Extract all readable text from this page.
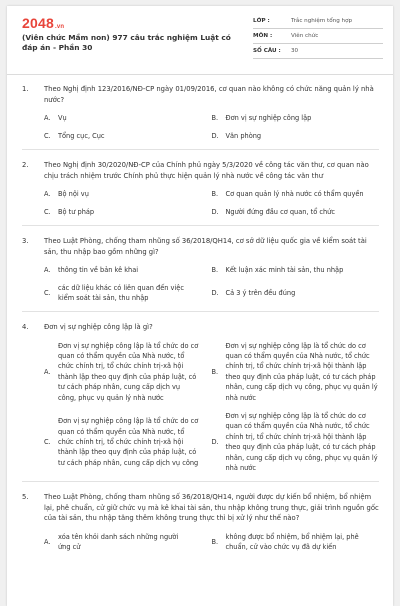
2048.vn
(Viên chức Mầm non) 977 câu trắc nghiệm Luật có đáp án - Phần 30
LỚP :	Trắc nghiệm tổng hợp
MÔN :	Viên chức
SỐ CÂU : 30
1. Theo Nghị định 123/2016/NĐ-CP ngày 01/09/2016, cơ quan nào không có chức năng quản lý nhà nước?
A.	Vụ	B.	Đơn vị sự nghiệp công lập
C.	Tổng cục, Cục	D.	Văn phòng
2. Theo Nghị định 30/2020/NĐ-CP của Chính phủ ngày 5/3/2020 về công tác văn thư, cơ quan nào chịu trách nhiệm trước Chính phủ thực hiện quản lý nhà nước về công tác văn thư
A.	Bộ nội vụ	B.	Cơ quan quản lý nhà nước có thẩm quyền
C.	Bộ tư pháp	D.	Người đứng đầu cơ quan, tổ chức
3. Theo Luật Phòng, chống tham nhũng số 36/2018/QH14, cơ sở dữ liệu quốc gia về kiểm soát tài sản, thu nhập bao gồm những gì?
A.	thông tin về bản kê khai	B.	Kết luận xác minh tài sản, thu nhập
C.
các dữ liệu khác có liên quan đến việc kiểm soát tài sản, thu nhập
D.	Cả 3 ý trên đều đúng
4. Đơn vị sự nghiệp công lập là gì?
A.
Đơn vị sự nghiệp công lập là tổ chức do cơ quan có thẩm quyền của Nhà nước, tổ chức chính trị, tổ chức chính trị-xã hội thành lập theo quy định của pháp luật, có tư cách pháp nhân, cung cấp dịch vụ công, phục vụ quản lý nhà nước
B.
Đơn vị sự nghiệp công lập là tổ chức do cơ quan có thẩm quyền của Nhà nước, tổ chức chính trị, tổ chức chính trị-xã hội thành lập theo quy định của pháp luật, có tư cách pháp nhân, cung cấp dịch vụ công, phục vụ quản lý nhà nước
C.
Đơn vị sự nghiệp công lập là tổ chức do cơ quan có thẩm quyền của Nhà nước, tổ chức chính trị, tổ chức chính trị-xã hội thành lập theo quy định của pháp luật, có tư cách pháp nhân, cung cấp dịch vụ công
D.
Đơn vị sự nghiệp công lập là tổ chức do cơ quan có thẩm quyền của Nhà nước, tổ chức chính trị, tổ chức chính trị-xã hội thành lập theo quy định của pháp luật, có tư cách pháp nhân, cung cấp dịch vụ công, phục vụ quản lý nhà nước
5. Theo Luật Phòng, chống tham nhũng số 36/2018/QH14, người được dự kiến bổ nhiệm, bổ nhiệm lại, phê chuẩn, cử giữ chức vụ mà kê khai tài sản, thu nhập không trung thực, giải trình nguồn gốc của tài sản, thu nhập tăng thêm không trung thực thì bị xử lý như thế nào?
A.
xóa tên khỏi danh sách những người ứng cử
B.
không được bổ nhiệm, bổ nhiệm lại, phê chuẩn, cử vào chức vụ đã dự kiến
